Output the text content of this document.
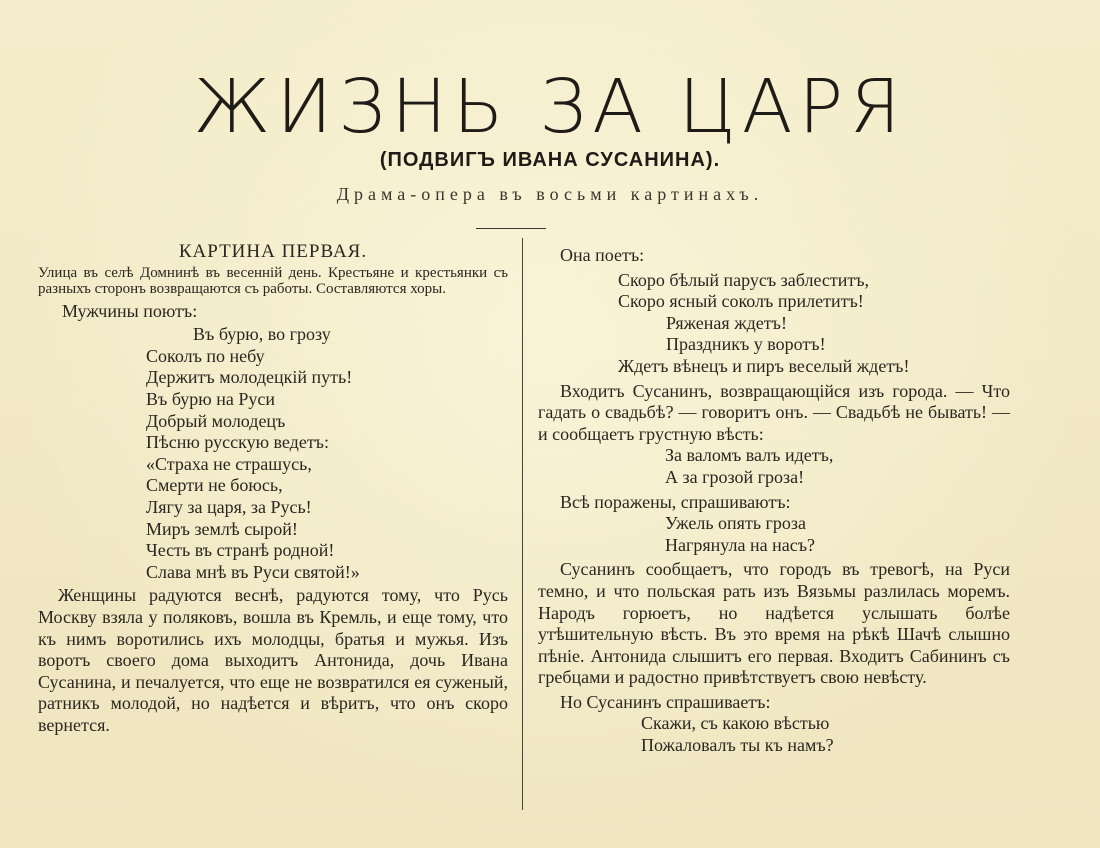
ЖИЗНЬ ЗА ЦАРЯ
(ПОДВИГЪ ИВАНА СУСАНИНА).
Драма-опера въ восьми картинахъ.

КАРТИНА ПЕРВАЯ.

Улица въ селѣ Домнинѣ въ весенній день. Крестьяне и крестьянки съ разныхъ сторонъ возвращаются съ работы. Составляются хоры.

Мужчины поютъ:

Въ бурю, во грозу

Соколъ по небу

Держитъ молодецкій путь!

Въ бурю на Руси

Добрый молодецъ

Пѣсню русскую ведетъ:

«Страха не страшусь,

Смерти не боюсь,

Лягу за царя, за Русь!

Миръ землѣ сырой!

Честь въ странѣ родной!

Слава мнѣ въ Руси святой!»

Женщины радуются веснѣ, радуются тому, что Русь Москву взяла у поляковъ, вошла въ Кремль, и еще тому, что къ нимъ воротились ихъ молодцы, братья и мужья. Изъ воротъ своего дома выходитъ Антонида, дочь Ивана Сусанина, и печалуется, что еще не возвратился ея суженый, ратникъ молодой, но надѣется и вѣритъ, что онъ скоро вернется.

Она поетъ:

Скоро бѣлый парусъ заблеститъ,

Скоро ясный соколъ прилетитъ!

Ряженая ждетъ!

Праздникъ у воротъ!

Ждетъ вѣнецъ и пиръ веселый ждетъ!

Входитъ Сусанинъ, возвращающійся изъ города. — Что гадать о свадьбѣ? — говоритъ онъ. — Свадьбѣ не бывать! — и сообщаетъ грустную вѣсть:

За валомъ валъ идетъ,

А за грозой гроза!

Всѣ поражены, спрашиваютъ:

Ужель опять гроза

Нагрянула на насъ?

Сусанинъ сообщаетъ, что городъ въ тревогѣ, на Руси темно, и что польская рать изъ Вязьмы разлилась моремъ. Народъ горюетъ, но надѣется услышать болѣе утѣшительную вѣсть. Въ это время на рѣкѣ Шачѣ слышно пѣніе. Антонида слышитъ его первая. Входитъ Сабининъ съ гребцами и радостно привѣтствуетъ свою невѣсту.

Но Сусанинъ спрашиваетъ:

Скажи, съ какою вѣстью

Пожаловалъ ты къ намъ?
